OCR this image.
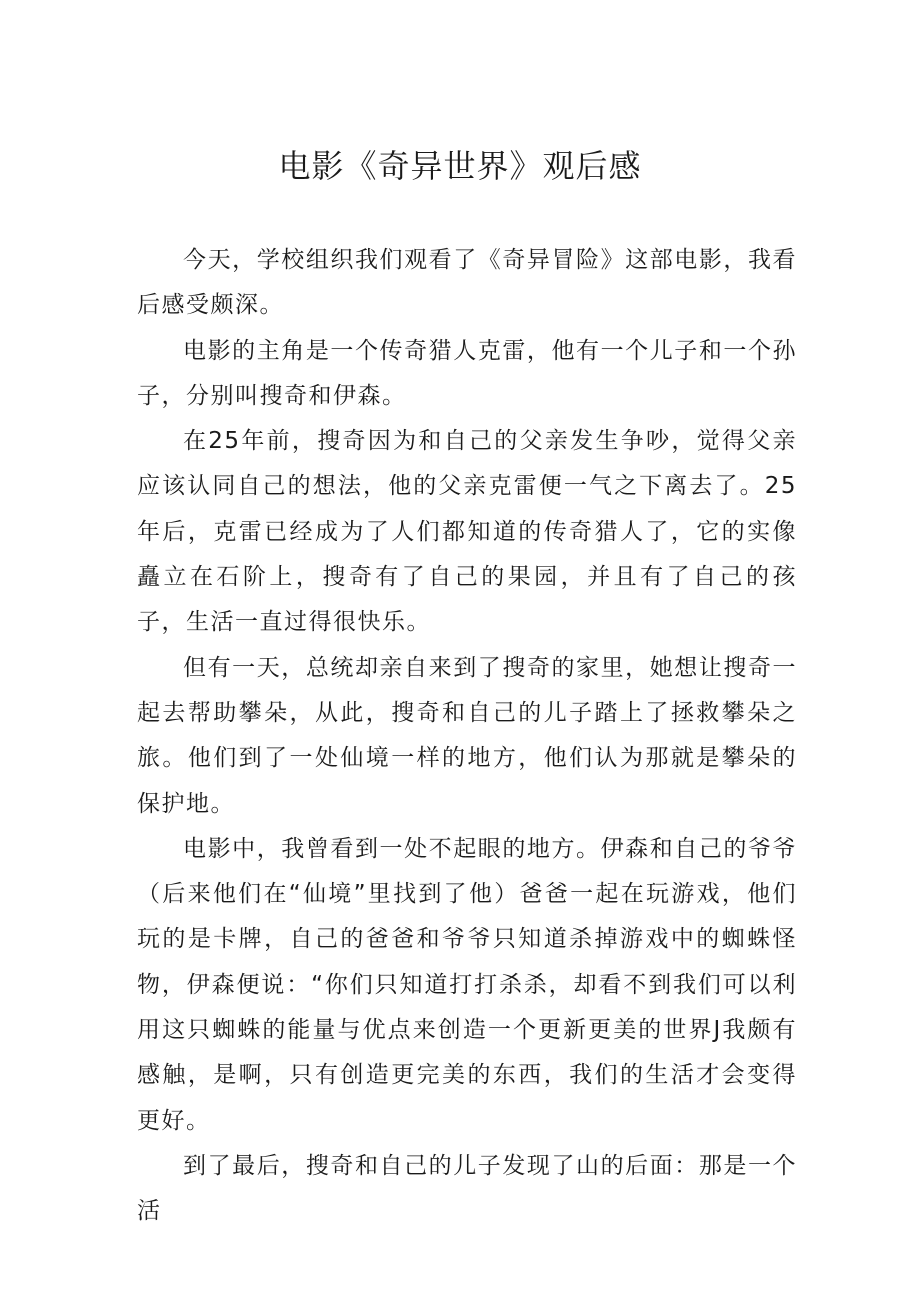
电影《奇异世界》观后感

今天，学校组织我们观看了《奇异冒险》这部电影，我看后感受颇深。

电影的主角是一个传奇猎人克雷，他有一个儿子和一个孙子，分别叫搜奇和伊森。

在25年前，搜奇因为和自己的父亲发生争吵，觉得父亲应该认同自己的想法，他的父亲克雷便一气之下离去了。25年后，克雷已经成为了人们都知道的传奇猎人了，它的实像矗立在石阶上，搜奇有了自己的果园，并且有了自己的孩子，生活一直过得很快乐。

但有一天，总统却亲自来到了搜奇的家里，她想让搜奇一起去帮助攀朵，从此，搜奇和自己的儿子踏上了拯救攀朵之旅。他们到了一处仙境一样的地方，他们认为那就是攀朵的保护地。

电影中，我曾看到一处不起眼的地方。伊森和自己的爷爷（后来他们在“仙境”里找到了他）爸爸一起在玩游戏，他们玩的是卡牌，自己的爸爸和爷爷只知道杀掉游戏中的蜘蛛怪物，伊森便说：“你们只知道打打杀杀，却看不到我们可以利用这只蜘蛛的能量与优点来创造一个更新更美的世界J我颇有感触，是啊，只有创造更完美的东西，我们的生活才会变得更好。

到了最后，搜奇和自己的儿子发现了山的后面：那是一个活
